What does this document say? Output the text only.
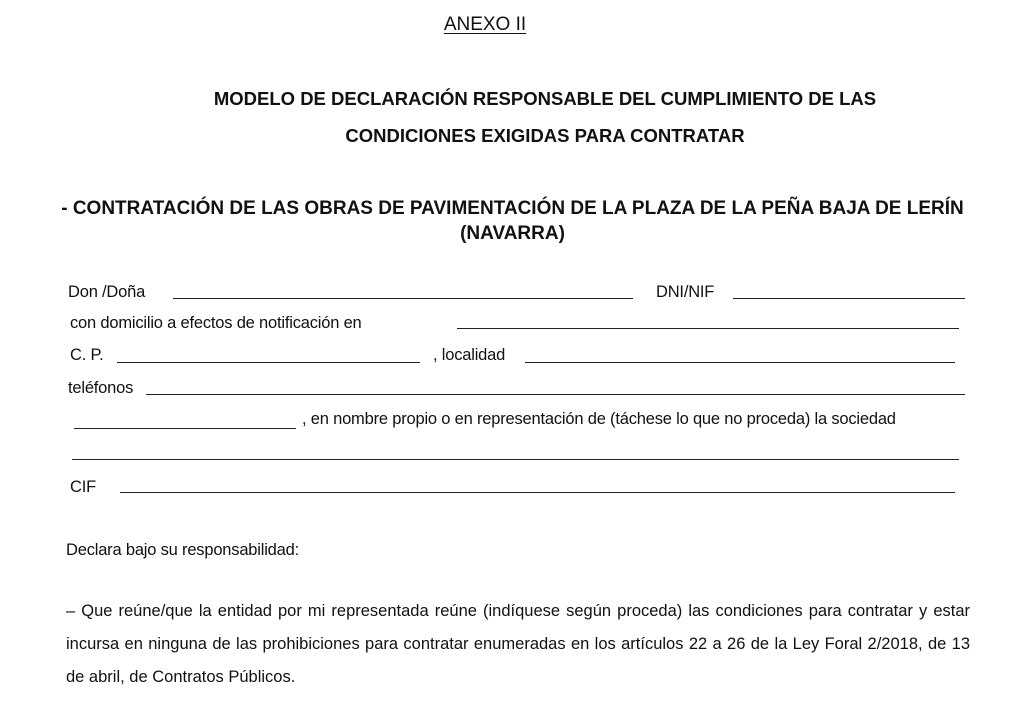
ANEXO II
MODELO DE DECLARACIÓN RESPONSABLE DEL CUMPLIMIENTO DE LAS
CONDICIONES EXIGIDAS PARA CONTRATAR
- CONTRATACIÓN DE LAS OBRAS DE PAVIMENTACIÓN DE LA PLAZA DE LA PEÑA BAJA DE LERÍN (NAVARRA)
Don /Doña	DNI/NIF
con domicilio a efectos de notificación en
C. P.	, localidad
teléfonos
, en nombre propio o en representación de (táchese lo que no proceda) la sociedad
CIF
Declara bajo su responsabilidad:
– Que reúne/que la entidad por mi representada reúne (indíquese según proceda) las condiciones para contratar y estar incursa en ninguna de las prohibiciones para contratar enumeradas en los artículos 22 a 26 de la Ley Foral 2/2018, de 13 de abril, de Contratos Públicos.
